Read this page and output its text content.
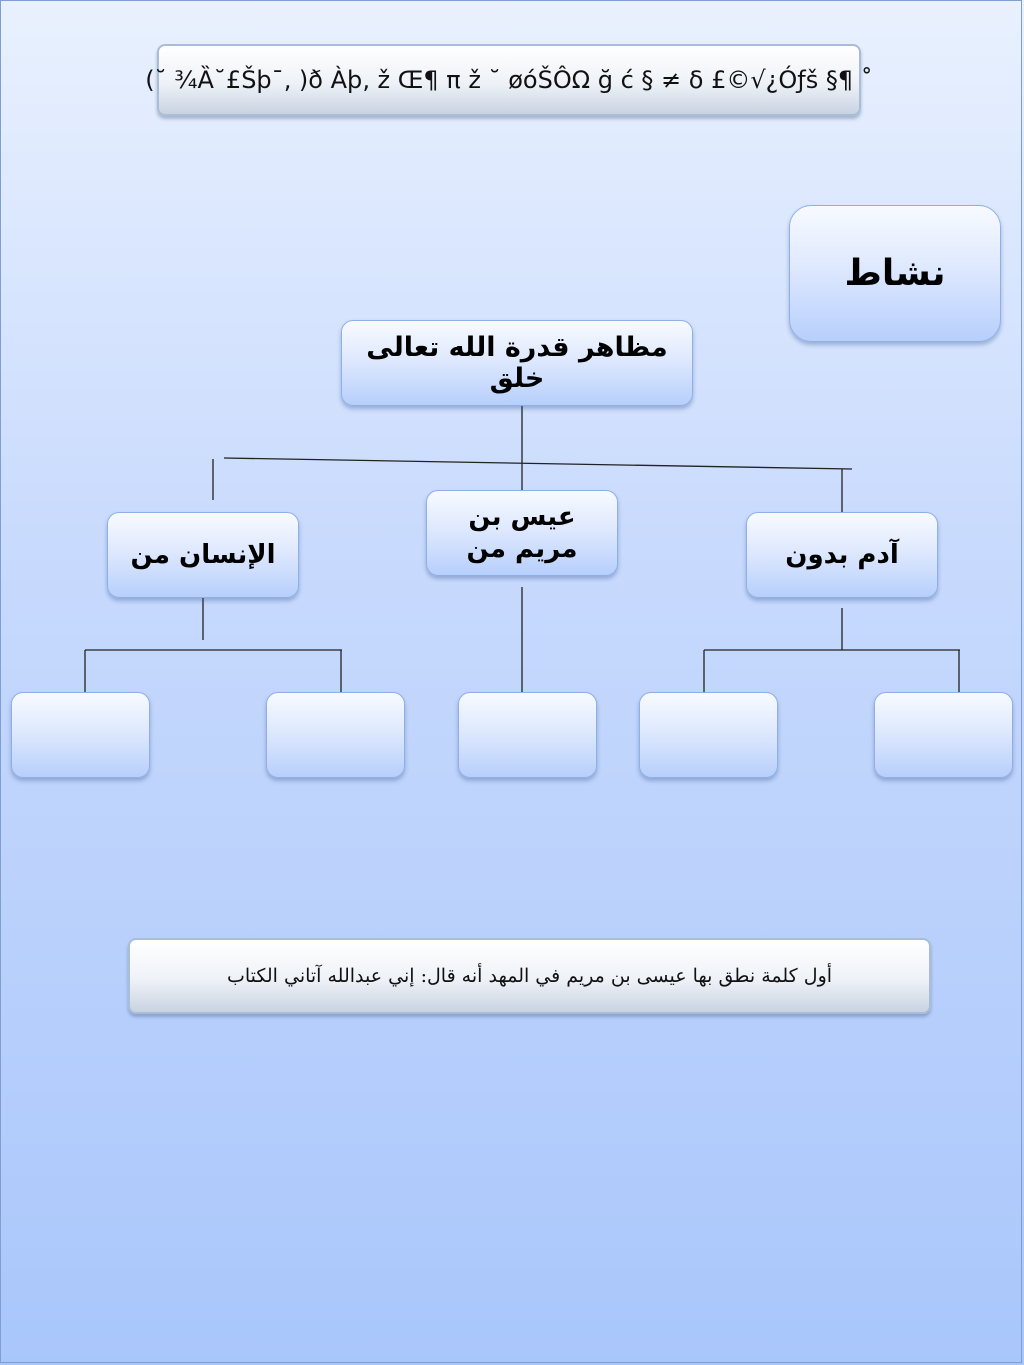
(˘ ¾Ȁ˘£Šþ¯‚ )ð Àþ‚ ž Œ¶ π ž ˘ øóŠÔΩ ğ ć § ≠ δ £©√¿Óƒš §¶ ˚
نشاط
مظاهر قدرة الله تعالى خلق
آدم بدون
عيس بن مريم من
الإنسان من
أول كلمة نطق بها عيسى بن مريم في المهد أنه قال: إني عبدالله آتاني الكتاب
